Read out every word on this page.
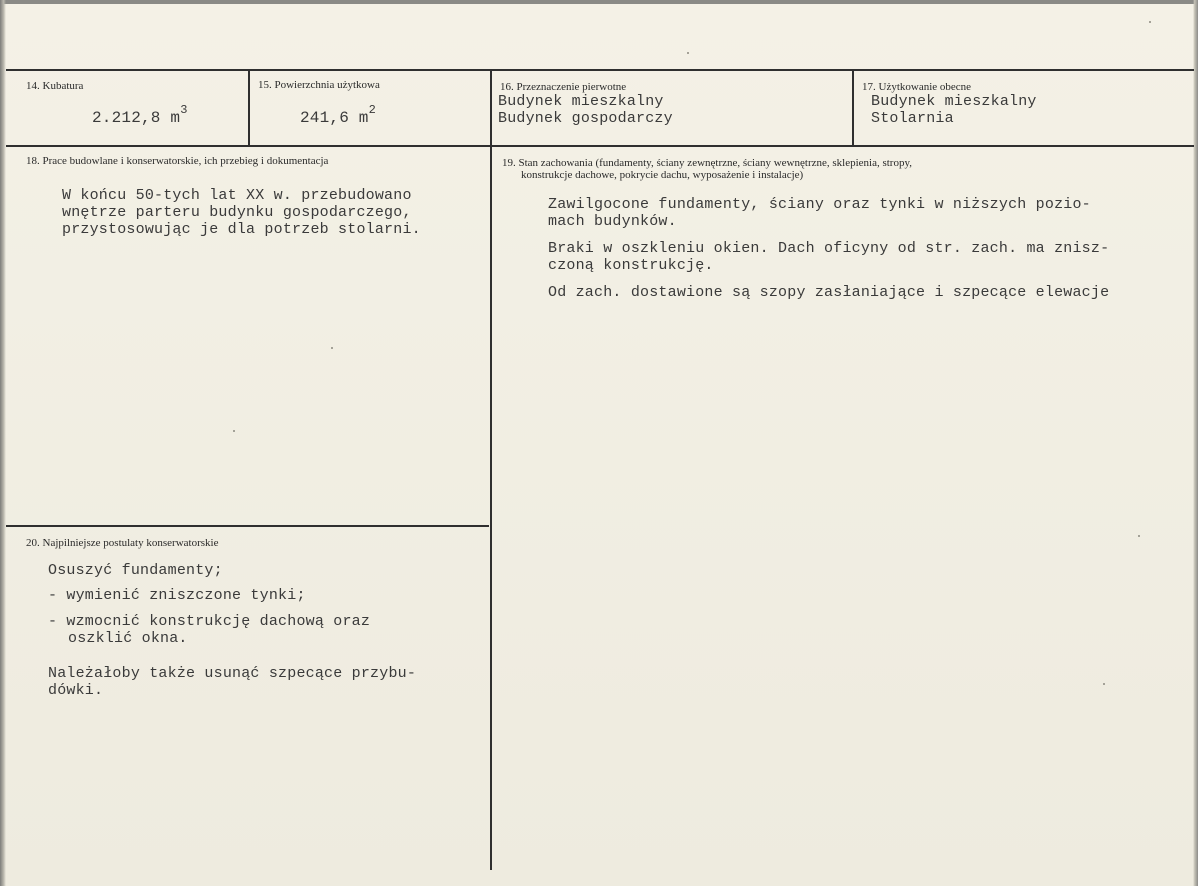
14. Kubatura
2.212,8 $m^3$
15. Powierzchnia użytkowa
241,6 $m^2$
16. Przeznaczenie pierwotne
Budynek mieszkalny
Budynek gospodarczy
17. Użytkowanie obecne
Budynek mieszkalny
Stolarnia
18. Prace budowlane i konserwatorskie, ich przebieg i dokumentacja
W końcu 50-tych lat XX w. przebudowano
wnętrze parteru budynku gospodarczego,
przystosowując je dla potrzeb stolarni.
19. Stan zachowania (fundamenty, ściany zewnętrzne, ściany wewnętrzne, sklepienia, stropy,
konstrukcje dachowe, pokrycie dachu, wyposażenie i instalacje)
Zawilgocone fundamenty, ściany oraz tynki w niższych pozio-
mach budynków.
Braki w oszkleniu okien. Dach oficyny od str. zach. ma znisz-
czoną konstrukcję.
Od zach. dostawione są szopy zasłaniające i szpecące elewacje
20. Najpilniejsze postulaty konserwatorskie
Osuszyć fundamenty;
- wymienić zniszczone tynki;
- wzmocnić konstrukcję dachową oraz
oszklić okna.
Należałoby także usunąć szpecące przybu-
dówki.
